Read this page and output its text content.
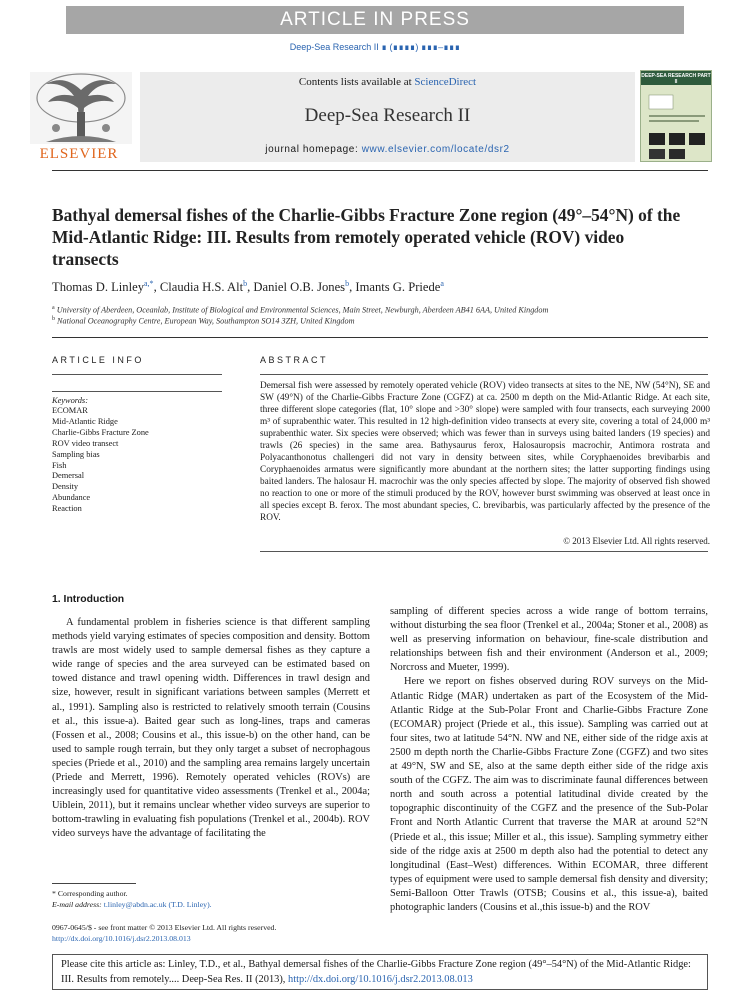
ARTICLE IN PRESS
Deep-Sea Research II ∎ (∎∎∎∎) ∎∎∎–∎∎∎
ELSEVIER
Contents lists available at ScienceDirect
Deep-Sea Research II
journal homepage: www.elsevier.com/locate/dsr2
DEEP-SEA RESEARCH PART II
Bathyal demersal fishes of the Charlie-Gibbs Fracture Zone region (49°–54°N) of the Mid-Atlantic Ridge: III. Results from remotely operated vehicle (ROV) video transects
Thomas D. Linley$^{a,*}$, Claudia H.S. Alt$^b$, Daniel O.B. Jones$^b$, Imants G. Priede$^a$
$^a$ University of Aberdeen, Oceanlab, Institute of Biological and Environmental Sciences, Main Street, Newburgh, Aberdeen AB41 6AA, United Kingdom
$^b$ National Oceanography Centre, European Way, Southampton SO14 3ZH, United Kingdom
ARTICLE INFO
Keywords:
ECOMAR
Mid-Atlantic Ridge
Charlie-Gibbs Fracture Zone
ROV video transect
Sampling bias
Fish
Demersal
Density
Abundance
Reaction
ABSTRACT

Demersal fish were assessed by remotely operated vehicle (ROV) video transects at sites to the NE, NW (54°N), SE and SW (49°N) of the Charlie-Gibbs Fracture Zone (CGFZ) at ca. 2500 m depth on the Mid-Atlantic Ridge. At each site, three different slope categories (flat, 10° slope and >30° slope) were sampled with four transects, each surveying 2000 m³ of suprabenthic water. This resulted in 12 high-definition video transects at every site, covering a total of 24,000 m³ suprabenthic water. Six species were observed; which was fewer than in surveys using baited landers (19 species) and trawls (26 species) in the same area. Bathysaurus ferox, Halosauropsis macrochir, Antimora rostrata and Polyacanthonotus challengeri did not vary in density between sites, while Coryphaenoides brevibarbis and Coryphaenoides armatus were significantly more abundant at the northern sites; the latter supporting findings using baited landers. The halosaur H. macrochir was the only species affected by slope. The majority of observed fish showed no reaction to one or more of the stimuli produced by the ROV, however burst swimming was observed at least once in all species except B. ferox. The most abundant species, C. brevibarbis, was particularly affected by the presence of the ROV.

© 2013 Elsevier Ltd. All rights reserved.
1. Introduction

A fundamental problem in fisheries science is that different sampling methods yield varying estimates of species composition and density. Bottom trawls are most widely used to sample demersal fishes as they capture a wide range of species and the area surveyed can be estimated based on towed distance and trawl opening width. Differences in trawl design and size, however, result in significant variations between samples (Merrett et al., 1991). Sampling also is restricted to relatively smooth terrain (Cousins et al., this issue-a). Baited gear such as long-lines, traps and cameras (Fossen et al., 2008; Cousins et al., this issue-b) on the other hand, can be used to sample rough terrain, but they only target a subset of necrophagous species (Priede et al., 2010) and the sampling area remains largely uncertain (Priede and Merrett, 1996). Remotely operated vehicles (ROVs) are increasingly used for quantitative video assessments (Trenkel et al., 2004a; Uiblein, 2011), but it remains unclear whether video surveys are superior to bottom-trawling in evaluating fish populations (Trenkel et al., 2004b). ROV video surveys have the advantage of facilitating the

sampling of different species across a wide range of bottom terrains, without disturbing the sea floor (Trenkel et al., 2004a; Stoner et al., 2008) as well as preserving information on behaviour, fine-scale distribution and relationships between fish and their environment (Anderson et al., 2009; Norcross and Mueter, 1999).

Here we report on fishes observed during ROV surveys on the Mid-Atlantic Ridge (MAR) undertaken as part of the Ecosystem of the Mid-Atlantic Ridge at the Sub-Polar Front and Charlie-Gibbs Fracture Zone (ECOMAR) project (Priede et al., this issue). Sampling was carried out at four sites, two at latitude 54°N. NW and NE, either side of the ridge axis at 2500 m depth north the Charlie-Gibbs Fracture Zone (CGFZ) and two sites at 49°N, SW and SE, also at the same depth either side of the ridge axis south of the CGFZ. The aim was to discriminate faunal differences between north and south across a potential latitudinal divide created by the topographic discontinuity of the CGFZ and the presence of the Sub-Polar Front and North Atlantic Current that traverse the MAR at around 52°N (Priede et al., this issue; Miller et al., this issue). Sampling symmetry either side of the ridge axis at 2500 m depth also had the potential to detect any longitudinal (East–West) differences. Within ECOMAR, three different types of equipment were used to sample demersal fish density and diversity; Semi-Balloon Otter Trawls (OTSB; Cousins et al., this issue-a), baited photographic landers (Cousins et al.,this issue-b) and the ROV

* Corresponding author.
E-mail address: t.linley@abdn.ac.uk (T.D. Linley).
0967-0645/$ - see front matter © 2013 Elsevier Ltd. All rights reserved.
http://dx.doi.org/10.1016/j.dsr2.2013.08.013
Please cite this article as: Linley, T.D., et al., Bathyal demersal fishes of the Charlie-Gibbs Fracture Zone region (49°–54°N) of the Mid-Atlantic Ridge: III. Results from remotely.... Deep-Sea Res. II (2013), http://dx.doi.org/10.1016/j.dsr2.2013.08.013
